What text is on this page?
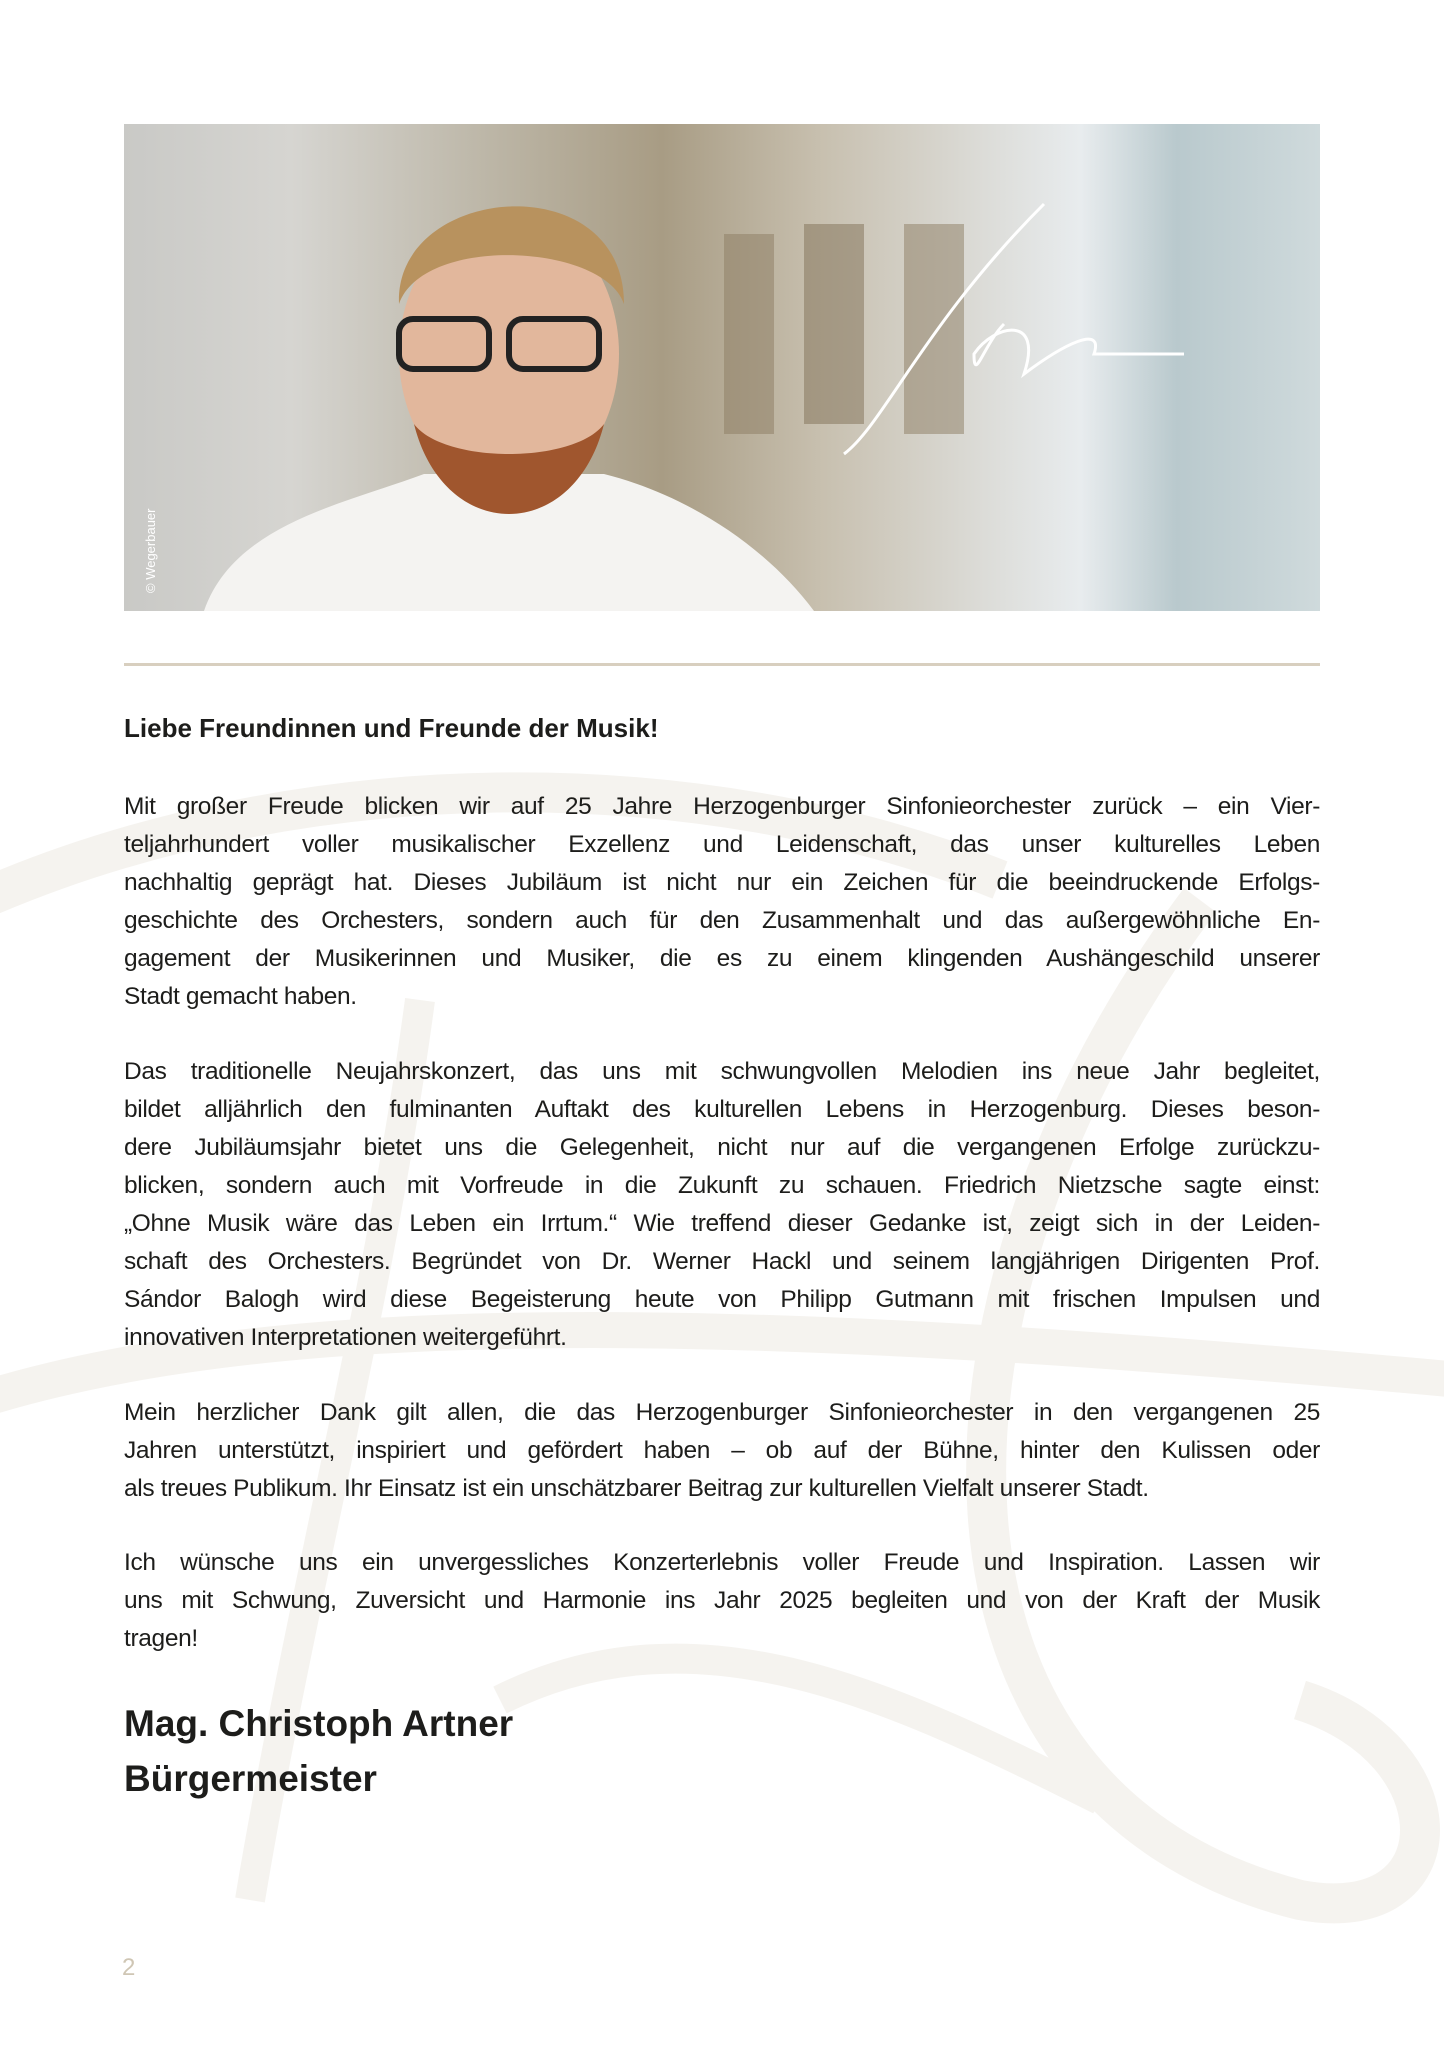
© Wegerbauer
Liebe Freundinnen und Freunde der Musik!
Mit großer Freude blicken wir auf 25 Jahre Herzogenburger Sinfonieorchester zurück – ein Vier-
teljahrhundert voller musikalischer Exzellenz und Leidenschaft, das unser kulturelles Leben
nachhaltig geprägt hat. Dieses Jubiläum ist nicht nur ein Zeichen für die beeindruckende Erfolgs-
geschichte des Orchesters, sondern auch für den Zusammenhalt und das außergewöhnliche En-
gagement der Musikerinnen und Musiker, die es zu einem klingenden Aushängeschild unserer
Stadt gemacht haben.
Das traditionelle Neujahrskonzert, das uns mit schwungvollen Melodien ins neue Jahr begleitet,
bildet alljährlich den fulminanten Auftakt des kulturellen Lebens in Herzogenburg. Dieses beson-
dere Jubiläumsjahr bietet uns die Gelegenheit, nicht nur auf die vergangenen Erfolge zurückzu-
blicken, sondern auch mit Vorfreude in die Zukunft zu schauen. Friedrich Nietzsche sagte einst:
„Ohne Musik wäre das Leben ein Irrtum.“ Wie treffend dieser Gedanke ist, zeigt sich in der Leiden-
schaft des Orchesters. Begründet von Dr. Werner Hackl und seinem langjährigen Dirigenten Prof.
Sándor Balogh wird diese Begeisterung heute von Philipp Gutmann mit frischen Impulsen und
innovativen Interpretationen weitergeführt.
Mein herzlicher Dank gilt allen, die das Herzogenburger Sinfonieorchester in den vergangenen 25
Jahren unterstützt, inspiriert und gefördert haben – ob auf der Bühne, hinter den Kulissen oder
als treues Publikum. Ihr Einsatz ist ein unschätzbarer Beitrag zur kulturellen Vielfalt unserer Stadt.
Ich wünsche uns ein unvergessliches Konzerterlebnis voller Freude und Inspiration. Lassen wir
uns mit Schwung, Zuversicht und Harmonie ins Jahr 2025 begleiten und von der Kraft der Musik
tragen!
Mag. Christoph Artner
Bürgermeister
2
